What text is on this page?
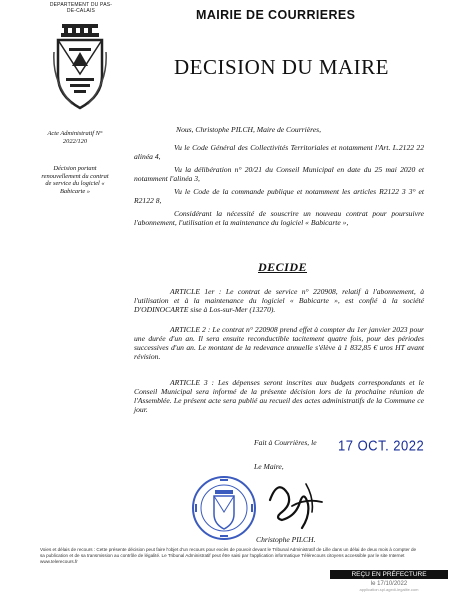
DEPARTEMENT DU PAS-DE-CALAIS	MAIRIE DE COURRIERES
DECISION DU MAIRE
Acte Administratif N° 2022/120
Décision portant renouvellement du contrat de service du logiciel « Babicarte »
Nous, Christophe PILCH, Maire de Courrières,
Vu le Code Général des Collectivités Territoriales et notamment l'Art. L.2122 22 alinéa 4,
Vu la délibération n° 20/21 du Conseil Municipal en date du 25 mai 2020 et notamment l'alinéa 3,
Vu le Code de la commande publique et notamment les articles R2122 3 3° et R2122 8,
Considérant la nécessité de souscrire un nouveau contrat pour poursuivre l'abonnement, l'utilisation et la maintenance du logiciel « Babicarte »,
DECIDE
ARTICLE 1er : Le contrat de service n° 220908, relatif à l'abonnement, à l'utilisation et à la maintenance du logiciel « Babicarte », est confié à la société D'ODINOCARTE sise à Los-sur-Mer (13270).
ARTICLE 2 : Le contrat n° 220908 prend effet à compter du 1er janvier 2023 pour une durée d'un an. Il sera ensuite reconductible tacitement quatre fois, pour des périodes successives d'un an. Le montant de la redevance annuelle s'élève à 1 832,85 € uros HT avant révision.
ARTICLE 3 : Les dépenses seront inscrites aux budgets correspondants et le Conseil Municipal sera informé de la présente décision lors de la prochaine réunion de l'Assemblée. Le présent acte sera publié au recueil des actes administratifs de la Commune ce jour.
Fait à Courrières, le 17 OCT. 2022
Le Maire,
Christophe PILCH.
Voies et délais de recours : Cette présente décision peut faire l'objet d'un recours pour excès de pouvoir devant le Tribunal Administratif de Lille dans un délai de deux mois à compter de sa publication et de sa transmission au contrôle de légalité. Le Tribunal Administratif peut être saisi par l'application informatique Télérecours citoyens accessible par le site Internet www.telerecours.fr
REÇU EN PRÉFECTURE
le 17/10/2022
application.spl.agedi-legalite.com
